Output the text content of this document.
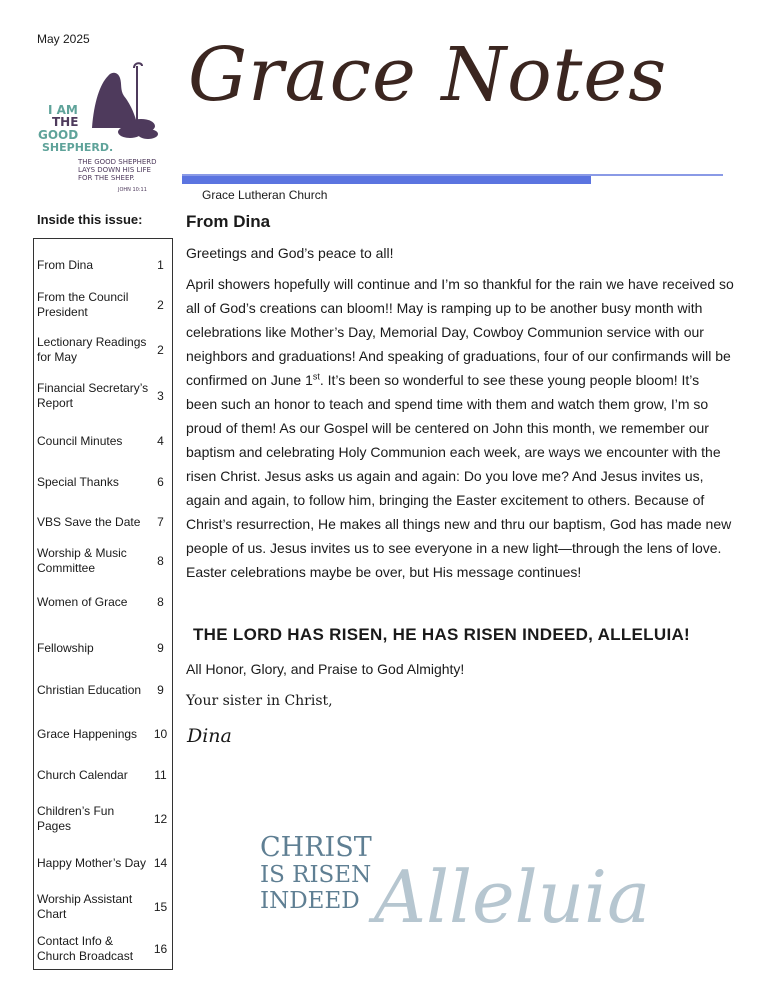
May 2025
I AM
THE
GOOD
SHEPHERD.
THE GOOD SHEPHERD
LAYS DOWN HIS LIFE
FOR THE SHEEP.
JOHN 10:11
Grace Notes
Grace Lutheran Church
Inside this issue:
From Dina	1
From the Council President
2
Lectionary Readings for May
2
Financial Secretary’s Report
3
Council Minutes	4
Special Thanks	6
VBS Save the Date	7
Worship & Music Committee
8
Women of Grace	8
Fellowship	9
Christian Education	9
Grace Happenings	10
Church Calendar	11
Children’s Fun Pages
12
Happy Mother’s Day 14
Worship Assistant Chart
15
Contact Info & Church Broadcast
16
From Dina
Greetings and God’s peace to all!
April showers hopefully will continue and I’m so thankful for the rain we have received so all of God’s creations can bloom!! May is ramping up to be another busy month with celebrations like Mother’s Day, Memorial Day, Cowboy Communion service with our neighbors and graduations! And speaking of graduations, four of our confirmands will be confirmed on June 1st. It’s been so wonderful to see these young people bloom! It’s been such an honor to teach and spend time with them and watch them grow, I’m so proud of them! As our Gospel will be centered on John this month, we remember our baptism and celebrating Holy Communion each week, are ways we encounter with the risen Christ. Jesus asks us again and again: Do you love me? And Jesus invites us, again and again, to follow him, bringing the Easter excitement to others. Because of Christ’s resurrection, He makes all things new and thru our baptism, God has made new people of us. Jesus invites us to see everyone in a new light—through the lens of love. Easter celebrations maybe be over, but His message continues!
THE LORD HAS RISEN, HE HAS RISEN INDEED, ALLELUIA!
All Honor, Glory, and Praise to God Almighty!
Your sister in Christ,
Dina
CHRIST
IS RISEN
INDEED Alleluia
